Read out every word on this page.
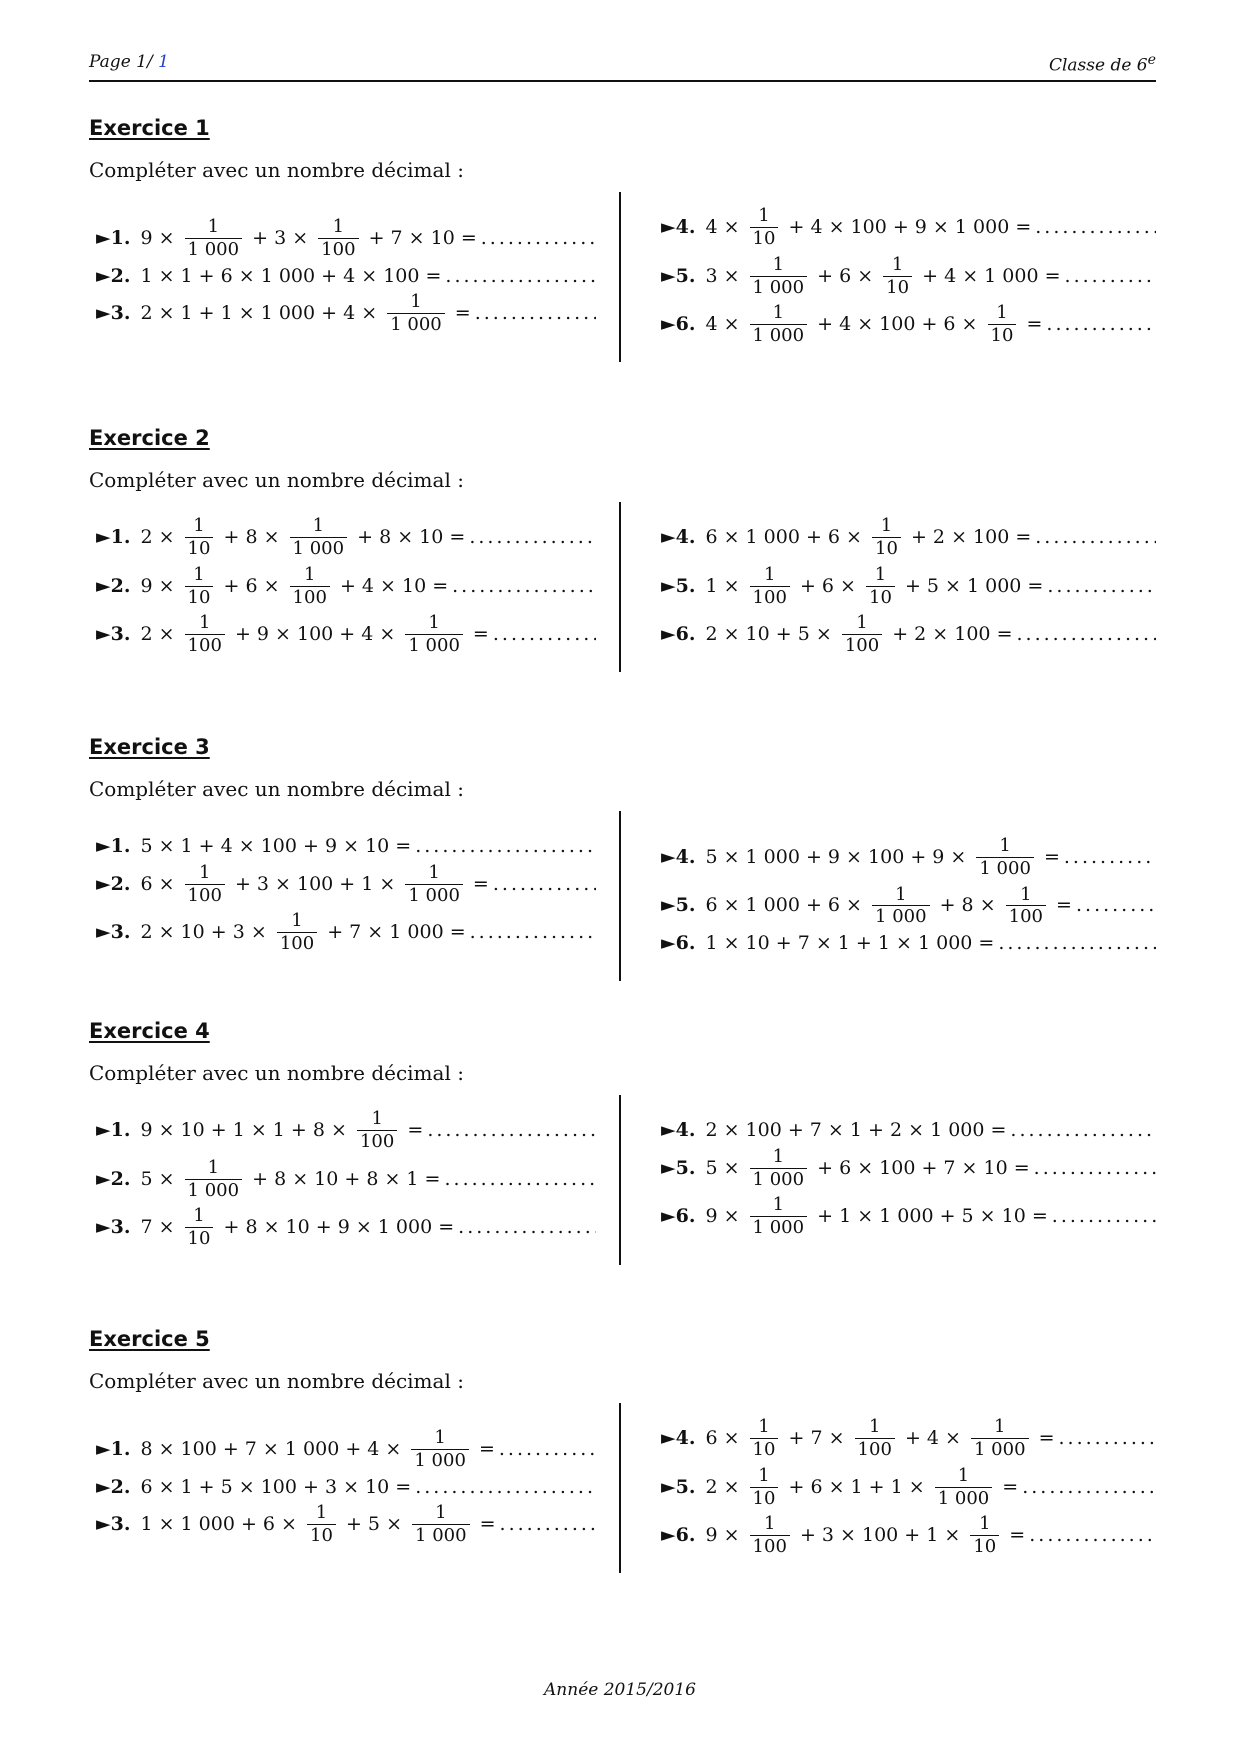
Page 1/ 1	Classe de 6e
Exercice 1
Compléter avec un nombre décimal :
►1. $9 \times \frac{1}{1 000} + 3 \times \frac{1}{100} + 7 \times 10$ =
.....
►2. 1 × 1 + 6 × 1 000 + 4 × 100 =
.....
►3. 2 × 1 + 1 × 1 $000 + 4 \times \frac{1}{1 000}$ =
.....
►4. $4 \times \frac{1}{10} + 4 \times 100 + 9 \times 1$ 000 =
.....
►5. $3 \times \frac{1}{1 000} + 6 \times \frac{1}{10} + 4 \times 1$ 000 =
.....
►6. $4 \times \frac{1}{1 000} + 4 \times 100 + 6 \times \frac{1}{10}$ =
.....
Exercice 2
Compléter avec un nombre décimal :
►1. $2 \times \frac{1}{10} + 8 \times \frac{1}{1 000} + 8 \times 10$ =
.....
►2. $9 \times \frac{1}{10} + 6 \times \frac{1}{100} + 4 \times 10$ =
.....
►3. $2 \times \frac{1}{100} + 9 \times 100 + 4 \times \frac{1}{1 000}$ =
.....
►4. 6 × 1 $000 + 6 \times \frac{1}{10} + 2 \times 100$ =
.....
►5. $1 \times \frac{1}{100} + 6 \times \frac{1}{10} + 5 \times 1$ 000 =
.....
►6. $2 \times 10 + 5 \times \frac{1}{100} + 2 \times 100$ =
.....
Exercice 3
Compléter avec un nombre décimal :
►1. 5 × 1 + 4 × 100 + 9 × 10 =
.....
►2. $6 \times \frac{1}{100} + 3 \times 100 + 1 \times \frac{1}{1 000}$ =
.....
►3. $2 \times 10 + 3 \times \frac{1}{100} + 7 \times 1$ 000 =
.....
►4. 5 × 1 $000 + 9 \times 100 + 9 \times \frac{1}{1 000}$ =
.....
►5. 6 × 1 $000 + 6 \times \frac{1}{1 000} + 8 \times \frac{1}{100}$ =
.....
►6. 1 × 10 + 7 × 1 + 1 × 1 000 =
.....
Exercice 4
Compléter avec un nombre décimal :
►1. $9 \times 10 + 1 \times 1 + 8 \times \frac{1}{100}$ =
.....
►2. $5 \times \frac{1}{1 000} + 8 \times 10 + 8 \times 1$ =
.....
►3. $7 \times \frac{1}{10} + 8 \times 10 + 9 \times 1$ 000 =
.....
►4. 2 × 100 + 7 × 1 + 2 × 1 000 =
.....
►5. $5 \times \frac{1}{1 000} + 6 \times 100 + 7 \times 10$ =
.....
►6. $9 \times \frac{1}{1 000} + 1 \times 1$ 000 + 5 × 10 =
.....
Exercice 5
Compléter avec un nombre décimal :
►1. 8 × 100 + 7 × 1 $000 + 4 \times \frac{1}{1 000}$ =
.....
►2. 6 × 1 + 5 × 100 + 3 × 10 =
.....
►3. 1 × 1 $000 + 6 \times \frac{1}{10} + 5 \times \frac{1}{1 000}$ =
.....
►4. $6 \times \frac{1}{10} + 7 \times \frac{1}{100} + 4 \times \frac{1}{1 000}$ =
.....
►5. $2 \times \frac{1}{10} + 6 \times 1 + 1 \times \frac{1}{1 000}$ =
.....
►6. $9 \times \frac{1}{100} + 3 \times 100 + 1 \times \frac{1}{10}$ =
.....
Année 2015/2016
